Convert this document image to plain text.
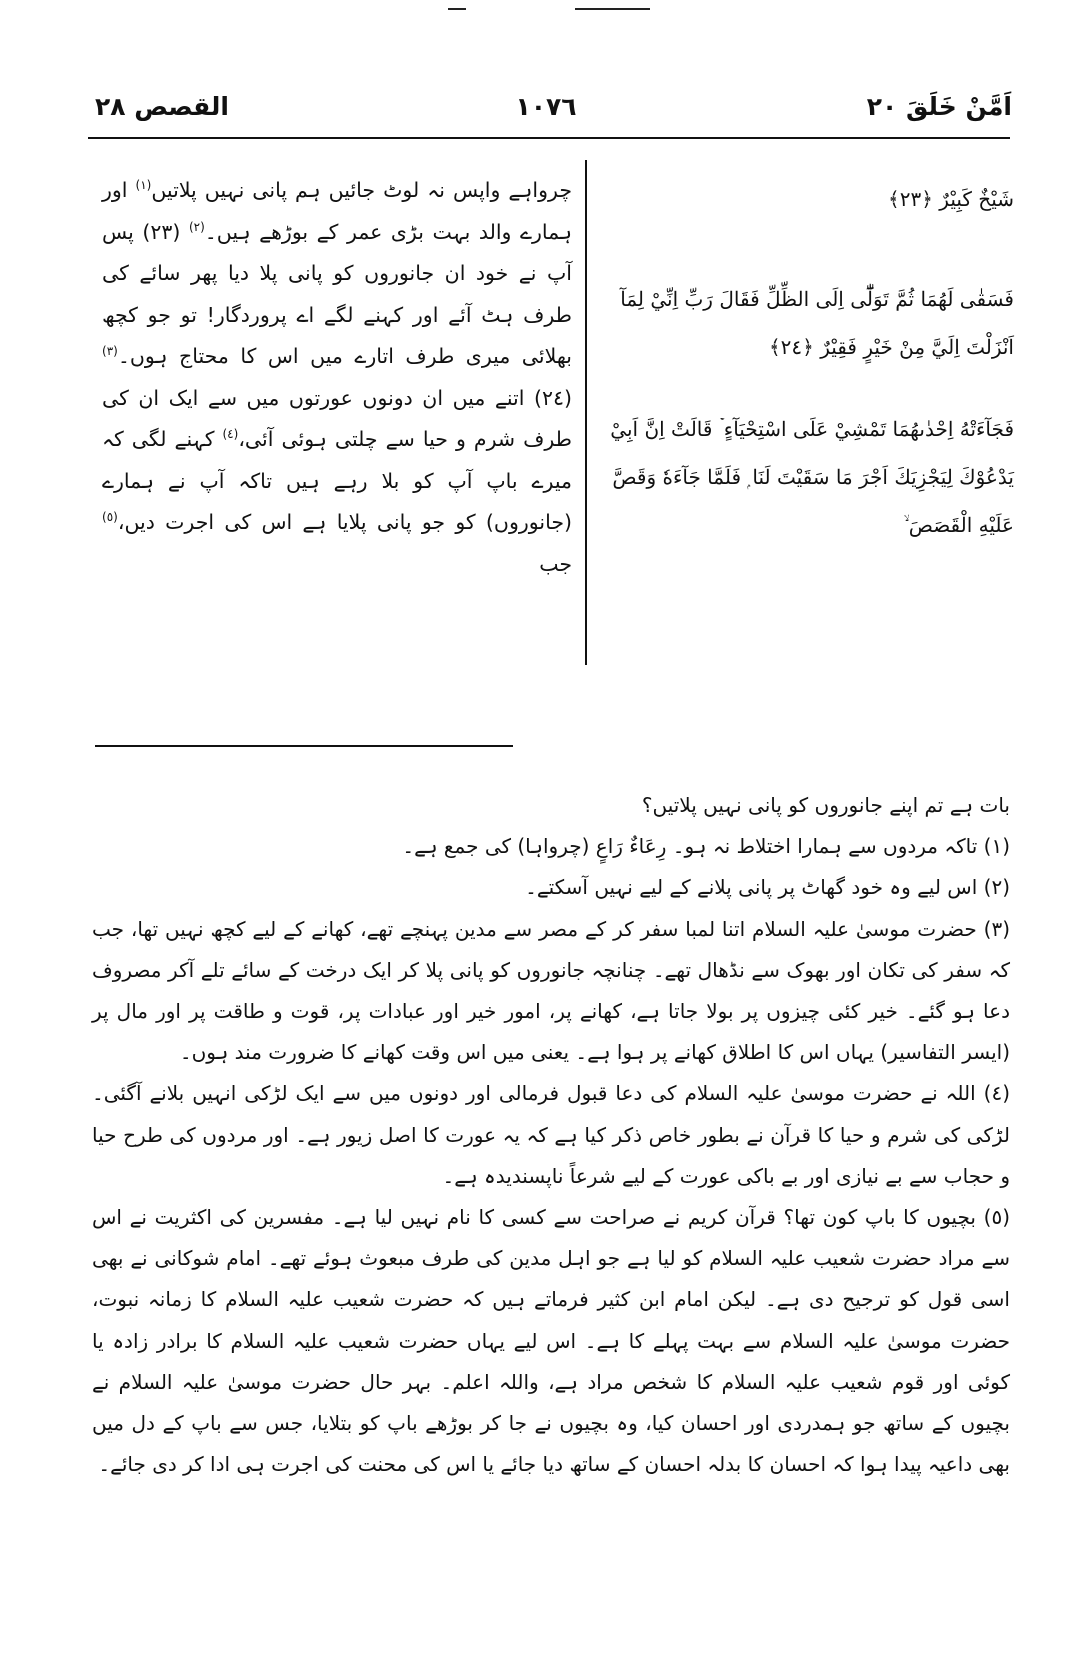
اَمَّنْ خَلَقَ ٢٠
١٠٧٦
القصص ٢٨
چرواہے واپس نہ لوٹ جائیں ہم پانی نہیں پلاتیں$^{(١)}$ اور ہمارے والد بہت بڑی عمر کے بوڑھے ہیں۔$^{(٢)}$ (٢٣) پس آپ نے خود ان جانوروں کو پانی پلا دیا پھر سائے کی طرف ہٹ آئے اور کہنے لگے اے پروردگار! تو جو کچھ بھلائی میری طرف اتارے میں اس کا محتاج ہوں۔$^{(٣)}$ (٢٤) اتنے میں ان دونوں عورتوں میں سے ایک ان کی طرف شرم و حیا سے چلتی ہوئی آئی،$^{(٤)}$ کہنے لگی کہ میرے باپ آپ کو بلا رہے ہیں تاکہ آپ نے ہمارے (جانوروں) کو جو پانی پلایا ہے اس کی اجرت دیں،$^{(٥)}$ جب

شَيْخٌ كَبِيْرٌ ﴿٢٣﴾

فَسَقٰى لَهُمَا ثُمَّ تَوَلّٰٓى اِلَى الظِّلِّ فَقَالَ رَبِّ اِنِّيْ لِمَآ اَنْزَلْتَ اِلَيَّ مِنْ خَيْرٍ فَقِيْرٌ ﴿٢٤﴾

فَجَآءَتْهُ اِحْدٰىهُمَا تَمْشِيْ عَلَى اسْتِحْيَآءٍ ۡ قَالَتْ اِنَّ اَبِيْ يَدْعُوْكَ لِيَجْزِيَكَ اَجْرَ مَا سَقَيْتَ لَنَا ۭ فَلَمَّا جَآءَهٗ وَقَصَّ عَلَيْهِ الْقَصَصَ ۙ

بات ہے تم اپنے جانوروں کو پانی نہیں پلاتیں؟

(١) تاکہ مردوں سے ہمارا اختلاط نہ ہو۔ رِعَاءٌ رَاعٍ (چرواہا) کی جمع ہے۔

(٢) اس لیے وہ خود گھاٹ پر پانی پلانے کے لیے نہیں آسکتے۔

(٣) حضرت موسیٰ علیہ السلام اتنا لمبا سفر کر کے مصر سے مدین پہنچے تھے، کھانے کے لیے کچھ نہیں تھا، جب کہ سفر کی تکان اور بھوک سے نڈھال تھے۔ چنانچہ جانوروں کو پانی پلا کر ایک درخت کے سائے تلے آکر مصروف دعا ہو گئے۔ خیر کئی چیزوں پر بولا جاتا ہے، کھانے پر، امور خیر اور عبادات پر، قوت و طاقت پر اور مال پر (ایسر التفاسیر) یہاں اس کا اطلاق کھانے پر ہوا ہے۔ یعنی میں اس وقت کھانے کا ضرورت مند ہوں۔

(٤) اللہ نے حضرت موسیٰ علیہ السلام کی دعا قبول فرمالی اور دونوں میں سے ایک لڑکی انہیں بلانے آگئی۔ لڑکی کی شرم و حیا کا قرآن نے بطور خاص ذکر کیا ہے کہ یہ عورت کا اصل زیور ہے۔ اور مردوں کی طرح حیا و حجاب سے بے نیازی اور بے باکی عورت کے لیے شرعاً ناپسندیدہ ہے۔

(٥) بچیوں کا باپ کون تھا؟ قرآن کریم نے صراحت سے کسی کا نام نہیں لیا ہے۔ مفسرین کی اکثریت نے اس سے مراد حضرت شعیب علیہ السلام کو لیا ہے جو اہل مدین کی طرف مبعوث ہوئے تھے۔ امام شوکانی نے بھی اسی قول کو ترجیح دی ہے۔ لیکن امام ابن کثیر فرماتے ہیں کہ حضرت شعیب علیہ السلام کا زمانہ نبوت، حضرت موسیٰ علیہ السلام سے بہت پہلے کا ہے۔ اس لیے یہاں حضرت شعیب علیہ السلام کا برادر زادہ یا کوئی اور قوم شعیب علیہ السلام کا شخص مراد ہے، واللہ اعلم۔ بہر حال حضرت موسیٰ علیہ السلام نے بچیوں کے ساتھ جو ہمدردی اور احسان کیا، وہ بچیوں نے جا کر بوڑھے باپ کو بتلایا، جس سے باپ کے دل میں بھی داعیہ پیدا ہوا کہ احسان کا بدلہ احسان کے ساتھ دیا جائے یا اس کی محنت کی اجرت ہی ادا کر دی جائے۔
